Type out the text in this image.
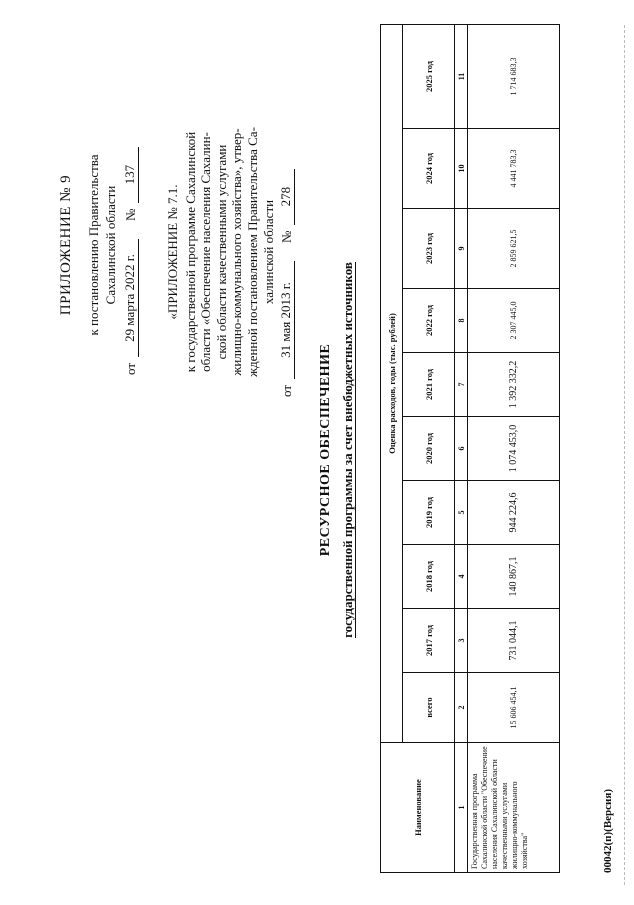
ПРИЛОЖЕНИЕ № 9 к постановлению Правительства Сахалинской области
от
29 марта 2022 г.
№
137
«ПРИЛОЖЕНИЕ № 7.1. к государственной программе Сахалинской области «Обеспечение населения Сахалин- ской области качественными услугами жилищно-коммунального хозяйства», утвер- жденной постановлением Правительства Са- халинской области
от
31 мая 2013 г.
№
278
РЕСУРСНОЕ ОБЕСПЕЧЕНИЕ государственной программы за счет внебюджетных источников
Наименование	Оценка расходов, годы (тыс. рублей)									
	всего	2017 год	2018 год	2019 год	2020 год	2021 год	2022 год	2023 год	2024 год	2025 год
1	2	3	4	5	6	7	8	9	10	11
Государственная программа Сахалинской области "Обеспечение населения Сахалинской области качественными услугами жилищно-коммунального хозяйства"	15 606 454,1	731 044,1	140 867,1	944 224,6	1 074 453,0	1 392 332,2	2 307 445,0	2 859 621,5	4 441 783,3	1 714 683,3
00042(п)(Версия)
